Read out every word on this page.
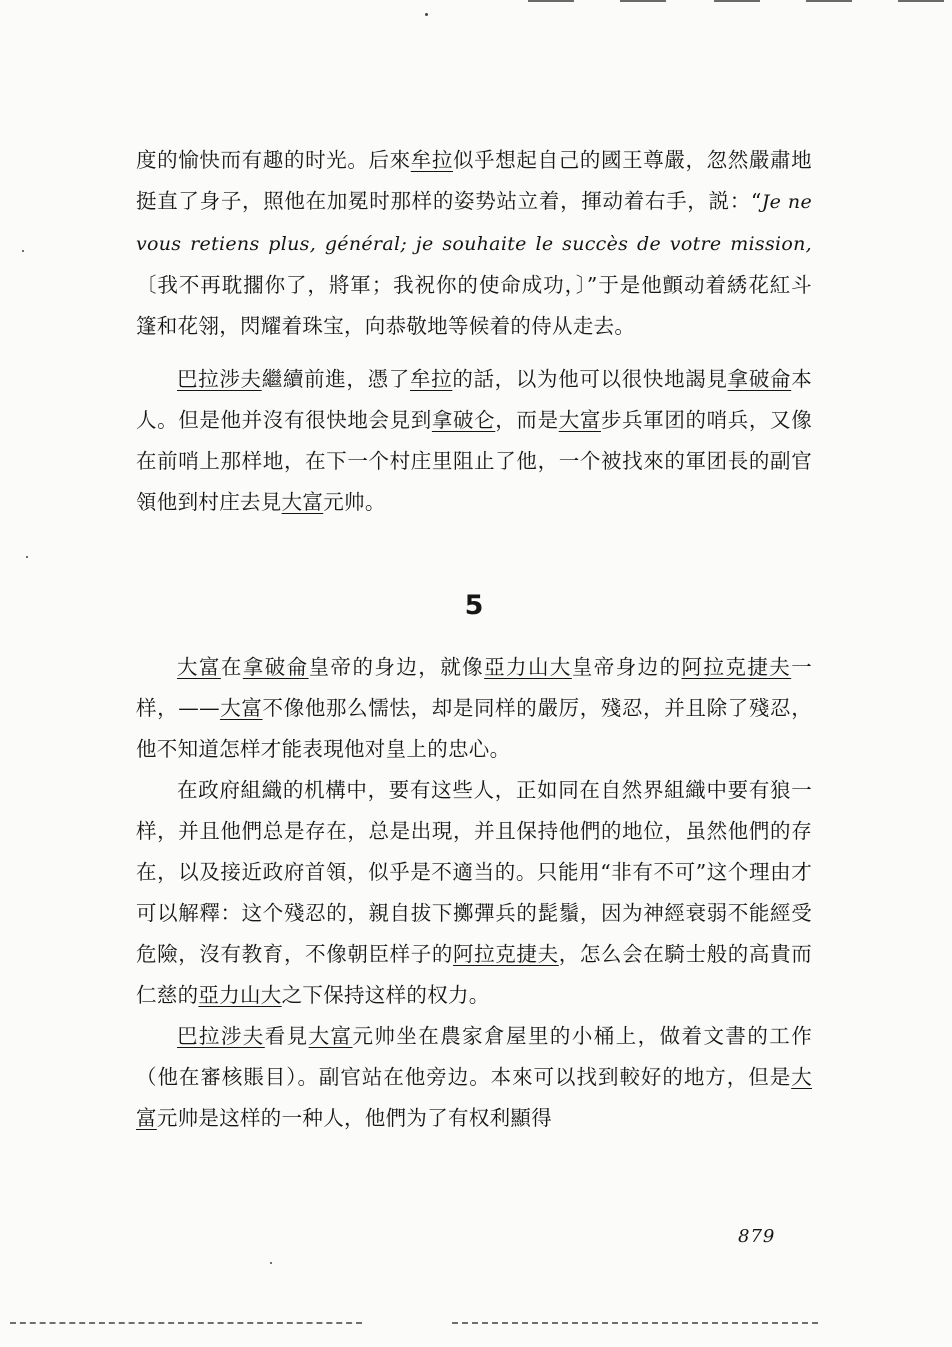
度的愉快而有趣的时光。后來牟拉似乎想起自己的國王尊嚴，忽然嚴肅地挺直了身子，照他在加冕时那样的姿势站立着，揮动着右手，説：“Je ne vous retiens plus, général; je souhaite le succès de votre mission,〔我不再耽擱你了，將軍；我祝你的使命成功，〕”于是他顫动着綉花紅斗篷和花翎，閃耀着珠宝，向恭敬地等候着的侍从走去。

巴拉涉夫繼續前進，憑了牟拉的話，以为他可以很快地謁見拿破侖本人。但是他并沒有很快地会見到拿破仑，而是大富步兵軍团的哨兵，又像在前哨上那样地，在下一个村庄里阻止了他，一个被找來的軍团長的副官領他到村庄去見大富元帅。

5

大富在拿破侖皇帝的身边，就像亞力山大皇帝身边的阿拉克捷夫一样，——大富不像他那么懦怯，却是同样的嚴厉，殘忍，并且除了殘忍，他不知道怎样才能表現他对皇上的忠心。

在政府組織的机構中，要有这些人，正如同在自然界組織中要有狼一样，并且他們总是存在，总是出現，并且保持他們的地位，虽然他們的存在，以及接近政府首領，似乎是不適当的。只能用“非有不可”这个理由才可以解釋：这个殘忍的，親自拔下擲彈兵的髭鬚，因为神經衰弱不能經受危險，沒有教育，不像朝臣样子的阿拉克捷夫，怎么会在騎士般的高貴而仁慈的亞力山大之下保持这样的权力。

巴拉涉夫看見大富元帅坐在農家倉屋里的小桶上，做着文書的工作（他在審核賬目）。副官站在他旁边。本來可以找到較好的地方，但是大富元帅是这样的一种人，他們为了有权利顯得

879
